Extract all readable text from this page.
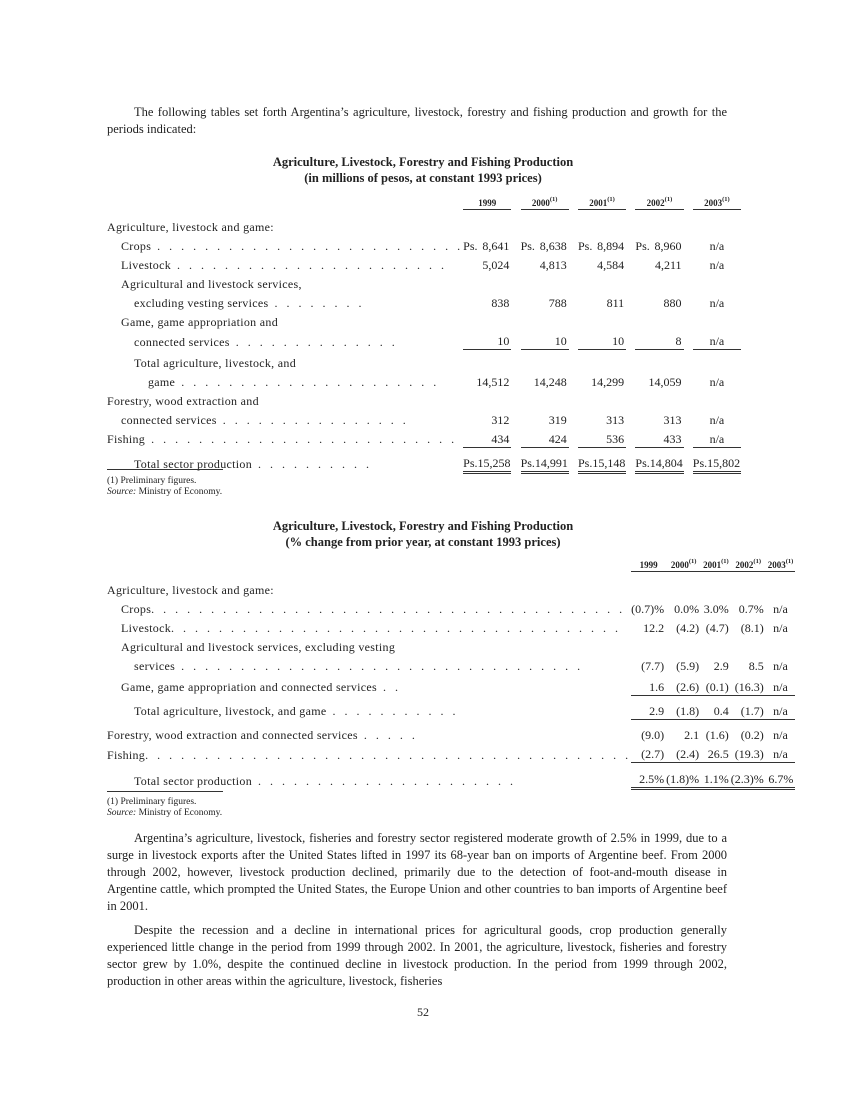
The following tables set forth Argentina’s agriculture, livestock, forestry and fishing production and growth for the periods indicated:

Agriculture, Livestock, Forestry and Fishing Production
(in millions of pesos, at constant 1993 prices)

	1999		2000$^{(1)}$		2001$^{(1)}$		2002$^{(1)}$		2003$^{(1)}$

Agriculture, livestock and game:									
Crops . . . . . . . . . . . . . . . . . . . . . . . . . .	Ps. 8,641		Ps. 8,638		Ps. 8,894		Ps. 8,960		n/a
Livestock . . . . . . . . . . . . . . . . . . . . . . .	5,024		4,813		4,584		4,211		n/a
Agricultural and livestock services,									
excluding vesting services . . . . . . . .	838		788		811		880		n/a
Game, game appropriation and									
connected services . . . . . . . . . . . . . .	10		10		10		8		n/a
Total agriculture, livestock, and									
game . . . . . . . . . . . . . . . . . . . . . .	14,512		14,248		14,299		14,059		n/a
Forestry, wood extraction and									
connected services . . . . . . . . . . . . . . . .	312		319		313		313		n/a
Fishing . . . . . . . . . . . . . . . . . . . . . . . . . .	434		424		536		433		n/a
Total sector production . . . . . . . . . .	Ps. 15,258		Ps. 14,991		Ps. 15,148		Ps. 14,804		Ps. 15,802
(1) Preliminary figures.
Source: Ministry of Economy.
Agriculture, Livestock, Forestry and Fishing Production
(% change from prior year, at constant 1993 prices)

	1999		2000$^{(1)}$		2001$^{(1)}$		2002$^{(1)}$		2003$^{(1)}$

Agriculture, livestock and game:					
Crops. . . . . . . . . . . . . . . . . . . . . . . . . . . . . . . . . . . . . . . .	(0.7)%		0.0%		3.0%		0.7%		n/a
Livestock. . . . . . . . . . . . . . . . . . . . . . . . . . . . . . . . . . . . . .	12.2		(4.2)		(4.7)		(8.1)		n/a
Agricultural and livestock services, excluding vesting					
services . . . . . . . . . . . . . . . . . . . . . . . . . . . . . . . . . .	(7.7)		(5.9)		2.9		8.5		n/a
Game, game appropriation and connected services . .	1.6		(2.6)		(0.1)		(16.3)		n/a
Total agriculture, livestock, and game . . . . . . . . . . .	2.9		(1.8)		0.4		(1.7)		n/a
Forestry, wood extraction and connected services . . . . .	(9.0)		2.1		(1.6)		(0.2)		n/a
Fishing. . . . . . . . . . . . . . . . . . . . . . . . . . . . . . . . . . . . . . . . .	(2.7)		(2.4)		26.5		(19.3)		n/a
Total sector production . . . . . . . . . . . . . . . . . . . . . .	2.5%		(1.8)%		1.1%		(2.3)%		6.7%
(1) Preliminary figures.
Source: Ministry of Economy.

Argentina’s agriculture, livestock, fisheries and forestry sector registered moderate growth of 2.5% in 1999, due to a surge in livestock exports after the United States lifted in 1997 its 68-year ban on imports of Argentine beef. From 2000 through 2002, however, livestock production declined, primarily due to the detection of foot-and-mouth disease in Argentine cattle, which prompted the United States, the Europe Union and other countries to ban imports of Argentine beef in 2001.

Despite the recession and a decline in international prices for agricultural goods, crop production generally experienced little change in the period from 1999 through 2002. In 2001, the agriculture, livestock, fisheries and forestry sector grew by 1.0%, despite the continued decline in livestock production. In the period from 1999 through 2002, production in other areas within the agriculture, livestock, fisheries

52
